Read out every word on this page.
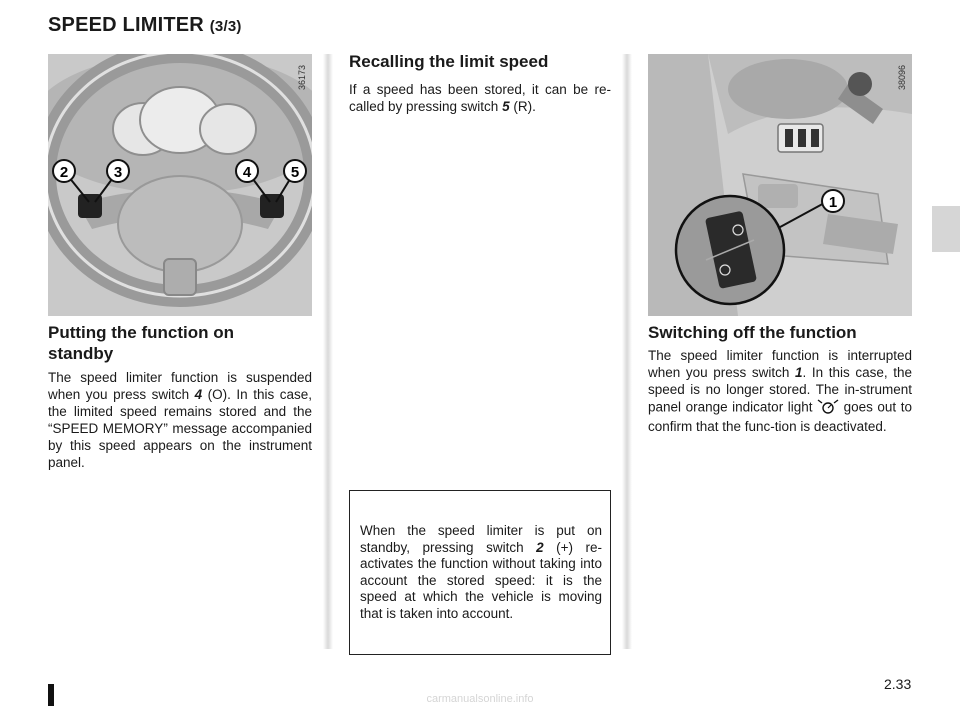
SPEED LIMITER (3/3)
2	3	4	5
36173
Putting the function on standby
The speed limiter function is suspended when you press switch 4 (O). In this case, the limited speed remains stored and the “SPEED MEMORY” message accompanied by this speed appears on the instrument panel.
Recalling the limit speed
If a speed has been stored, it can be re-called by pressing switch 5 (R).
When the speed limiter is put on standby, pressing switch 2 (+) re-activates the function without taking into account the stored speed: it is the speed at which the vehicle is moving that is taken into account.
1
38096
Switching off the function
The speed limiter function is interrupted when you press switch 1. In this case, the speed is no longer stored. The in-strument panel orange indicator light  goes out to confirm that the func-tion is deactivated.
2.33
carmanualsonline.info
